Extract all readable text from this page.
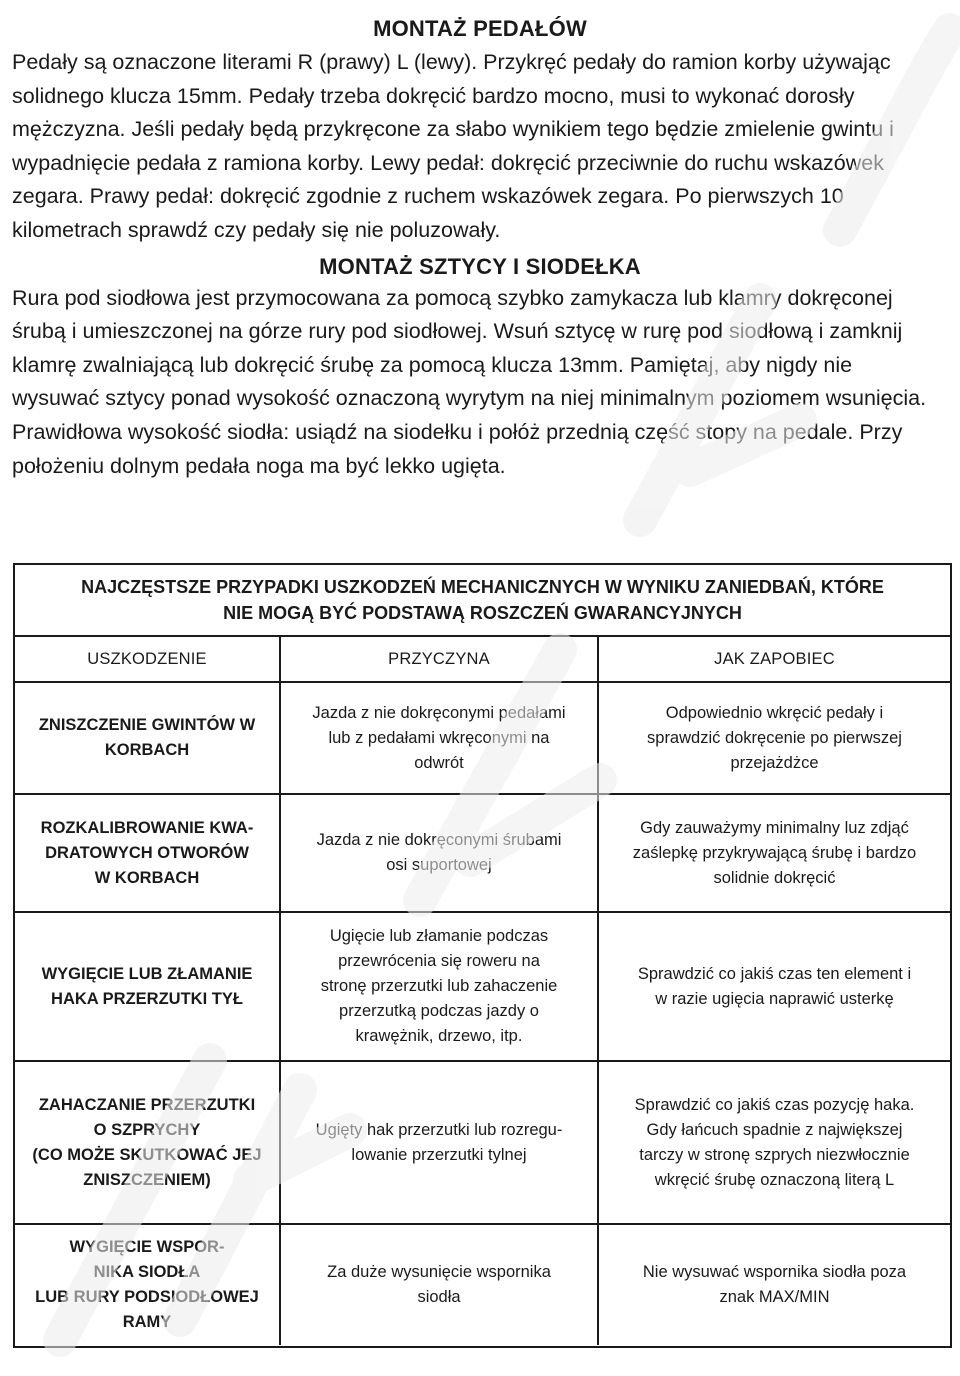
MONTAŻ PEDAŁÓW
Pedały są oznaczone literami R (prawy) L (lewy). Przykręć pedały do ramion korby używając solidnego klucza 15mm. Pedały trzeba dokręcić bardzo mocno, musi to wykonać dorosły mężczyzna. Jeśli pedały będą przykręcone za słabo wynikiem tego będzie zmielenie gwintu i wypadnięcie pedała z ramiona korby. Lewy pedał: dokręcić przeciwnie do ruchu wskazówek zegara. Prawy pedał: dokręcić zgodnie z ruchem wskazówek zegara. Po pierwszych 10 kilometrach sprawdź czy pedały się nie poluzowały.
MONTAŻ SZTYCY I SIODEŁKA
Rura pod siodłowa jest przymocowana za pomocą szybko zamykacza lub klamry dokręconej śrubą i umieszczonej na górze rury pod siodłowej. Wsuń sztycę w rurę pod siodłową i zamknij klamrę zwalniającą lub dokręcić śrubę za pomocą klucza 13mm. Pamiętaj, aby nigdy nie wysuwać sztycy ponad wysokość oznaczoną wyrytym na niej minimalnym poziomem wsunięcia. Prawidłowa wysokość siodła: usiądź na siodełku i połóż przednią część stopy na pedale. Przy położeniu dolnym pedała noga ma być lekko ugięta.
NAJCZĘSTSZE PRZYPADKI USZKODZEŃ MECHANICZNYCH W WYNIKU ZANIEDBAŃ, KTÓRE
NIE MOGĄ BYĆ PODSTAWĄ ROSZCZEŃ GWARANCYJNYCH
USZKODZENIE	PRZYCZYNA	JAK ZAPOBIEC
ZNISZCZENIE GWINTÓW W
KORBACH
Jazda z nie dokręconymi pedałami
lub z pedałami wkręconymi na
odwrót
Odpowiednio wkręcić pedały i
sprawdzić dokręcenie po pierwszej
przejażdżce
ROZKALIBROWANIE KWA-
DRATOWYCH OTWORÓW
W KORBACH
Jazda z nie dokręconymi śrubami
osi suportowej
Gdy zauważymy minimalny luz zdjąć
zaślepkę przykrywającą śrubę i bardzo
solidnie dokręcić
WYGIĘCIE LUB ZŁAMANIE
HAKA PRZERZUTKI TYŁ
Ugięcie lub złamanie podczas
przewrócenia się roweru na
stronę przerzutki lub zahaczenie
przerzutką podczas jazdy o
krawężnik, drzewo, itp.
Sprawdzić co jakiś czas ten element i
w razie ugięcia naprawić usterkę
ZAHACZANIE PRZERZUTKI
O SZPRYCHY
(CO MOŻE SKUTKOWAĆ JEJ
ZNISZCZENIEM)
Ugięty hak przerzutki lub rozregu-
lowanie przerzutki tylnej
Sprawdzić co jakiś czas pozycję haka.
Gdy łańcuch spadnie z największej
tarczy w stronę szprych niezwłocznie
wkręcić śrubę oznaczoną literą L
WYGIĘCIE WSPOR-
NIKA SIODŁA
LUB RURY PODSIODŁOWEJ
RAMY
Za duże wysunięcie wspornika
siodła
Nie wysuwać wspornika siodła poza
znak MAX/MIN
